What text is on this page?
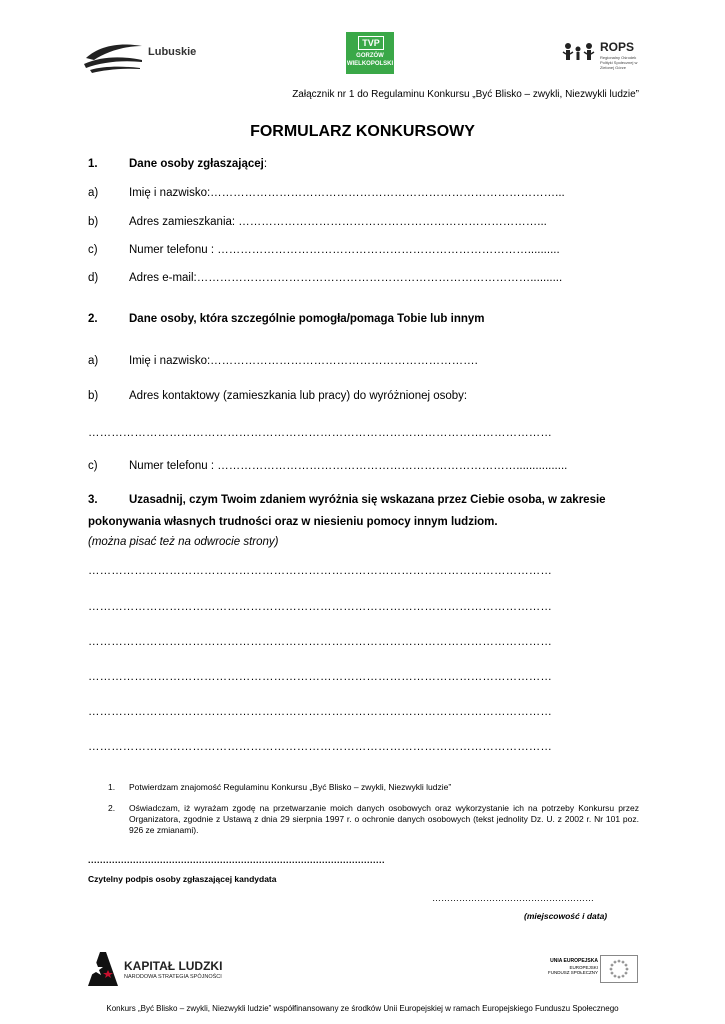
Lubuskie
TVP
GORZÓW
WIELKOPOLSKI
ROPS
Regionalny Ośrodek Polityki Społecznej w Zielonej Górze
Załącznik nr 1 do Regulaminu Konkursu „Być Blisko – zwykli, Niezwykli ludzie”
FORMULARZ KONKURSOWY
1.	Dane osoby zgłaszającej:
a)	Imię i nazwisko:………………………………………………………………………………...
b)	Adres zamieszkania: ……………………………………………………………………...
c)	Numer telefonu : ………………………………………………………………………..........
d)	Adres e-mail:……………………………………………………………………………..........
2.	Dane osoby, która szczególnie pomogła/pomaga Tobie lub innym
a)	Imię i nazwisko:…………………………………………………………….
b)	Adres kontaktowy (zamieszkania lub pracy) do wyróżnionej osoby:
…………………………………………………………………………………………………………
c)	Numer telefonu : ……………………………………………………………………................
3.	Uzasadnij, czym Twoim zdaniem wyróżnia się wskazana przez Ciebie osoba, w zakresie
pokonywania własnych trudności oraz w niesieniu pomocy innym ludziom.
(można pisać też na odwrocie strony)
…………………………………………………………………………………………………………
…………………………………………………………………………………………………………
…………………………………………………………………………………………………………
…………………………………………………………………………………………………………
…………………………………………………………………………………………………………
…………………………………………………………………………………………………………
1. Potwierdzam znajomość Regulaminu Konkursu „Być Blisko – zwykli, Niezwykli ludzie”
2. Oświadczam, iż wyrażam zgodę na przetwarzanie moich danych osobowych oraz wykorzystanie ich na potrzeby Konkursu przez Organizatora, zgodnie z Ustawą z dnia 29 sierpnia 1997 r. o ochronie danych osobowych (tekst jednolity Dz. U. z 2002 r. Nr 101 poz. 926 ze zmianami).
...................................................................................................
Czytelny podpis osoby zgłaszającej kandydata
………………………………………………
(miejscowość i data)
KAPITAŁ LUDZKI
NARODOWA STRATEGIA SPÓJNOŚCI
UNIA EUROPEJSKA
EUROPEJSKI FUNDUSZ SPOŁECZNY
Konkurs „Być Blisko – zwykli, Niezwykli ludzie” współfinansowany ze środków Unii Europejskiej w ramach Europejskiego Funduszu Społecznego
